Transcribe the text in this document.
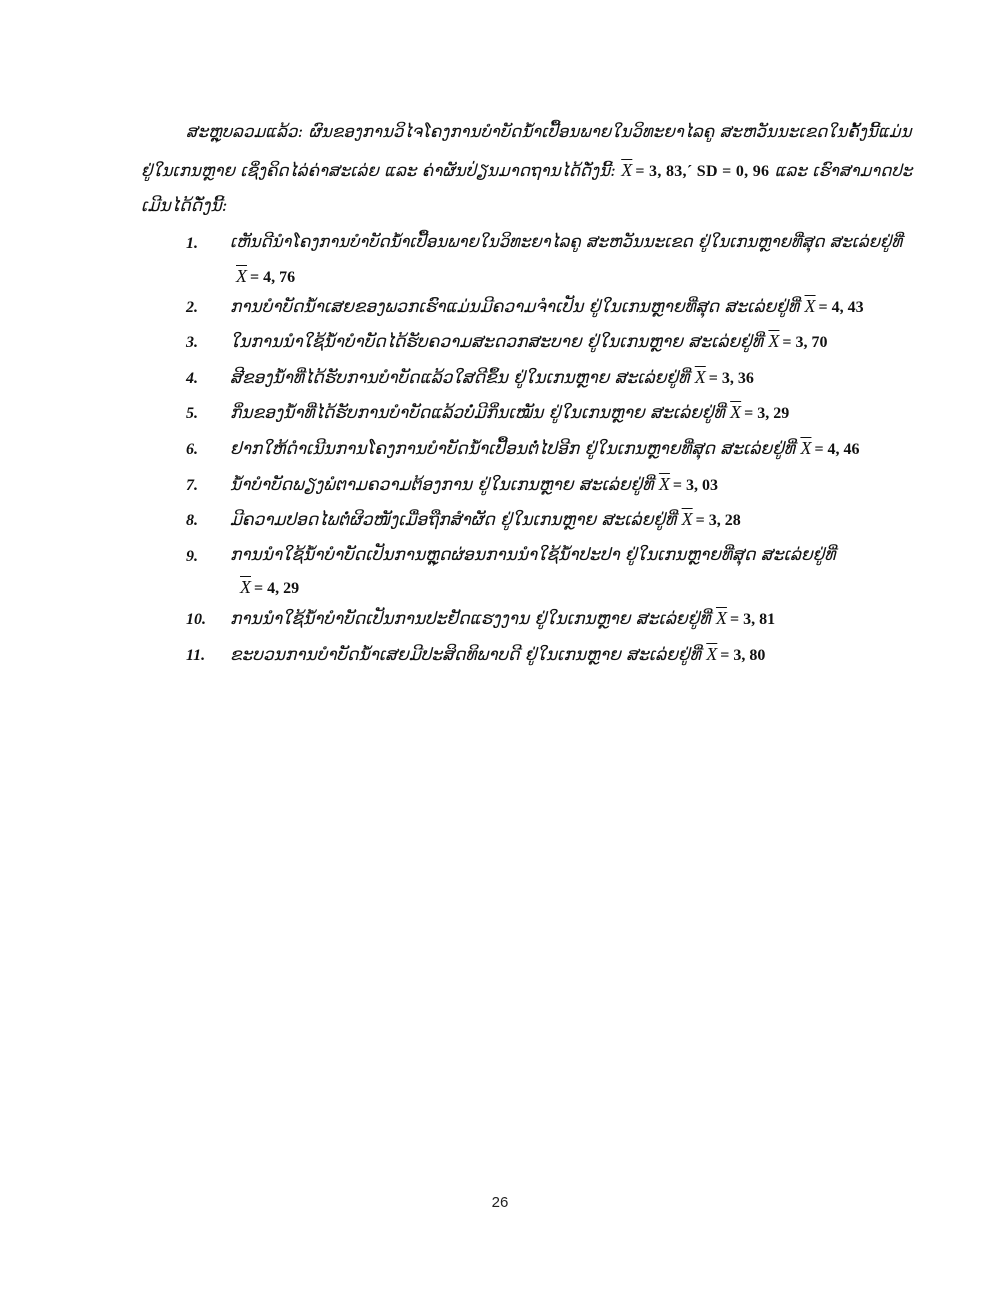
ສະຫຼຸບລວມແລ້ວ: ຜົນຂອງການວິໄຈໂຄງການບຳບັດນ້ຳເປື້ອນພາຍໃນວິທະຍາໄລຄູ ສະຫວັນນະເຂດໃນຄັ້ງນີ້ແມ່ນ
ຢູ່ໃນເກນຫຼາຍ ເຊິ່ງຄິດໄລ່ຄ່າສະເລ່ຍ ແລະ ຄ່າຜັນປ່ຽນມາດຖານໄດ້ດັ່ງນີ້: $\overline{X} = 3$, 83,´ SD = 0, 96 ແລະ ເຮົາສາມາດປະ
ເມີນໄດ້ດັ່ງນີ້:
1. ເຫັນດີນຳໂຄງການບຳບັດນ້ຳເປື້ອນພາຍໃນວິທະຍາໄລຄູ ສະຫວັນນະເຂດ ຢູ່ໃນເກນຫຼາຍທີ່ສຸດ ສະເລ່ຍຢູ່ທີ່
$\overline{X} = 4$, 76
2. ການບຳບັດນ້ຳເສຍຂອງພວກເຮົາແມ່ນມີຄວາມຈຳເປັນ ຢູ່ໃນເກນຫຼາຍທີ່ສຸດ ສະເລ່ຍຢູ່ທີ່ $\overline{X} = 4$, 43
3. ໃນການນຳໃຊ້ນ້ຳບຳບັດໄດ້ຮັບຄວາມສະດວກສະບາຍ ຢູ່ໃນເກນຫຼາຍ ສະເລ່ຍຢູ່ທີ່ $\overline{X} = 3$, 70
4. ສີຂອງນ້ຳທີ່ໄດ້ຮັບການບຳບັດແລ້ວໃສດີຂຶ້ນ ຢູ່ໃນເກນຫຼາຍ ສະເລ່ຍຢູ່ທີ່ $\overline{X} = 3$, 36
5. ກິ່ນຂອງນ້ຳທີ່ໄດ້ຮັບການບຳບັດແລ້ວບໍ່ມີກິ່ນເໝັນ ຢູ່ໃນເກນຫຼາຍ ສະເລ່ຍຢູ່ທີ່ $\overline{X} = 3$, 29
6. ຢາກໃຫ້ດຳເນີນການໂຄງການບຳບັດນ້ຳເປື້ອນຕໍ່ໄປອີກ ຢູ່ໃນເກນຫຼາຍທີ່ສຸດ ສະເລ່ຍຢູ່ທີ່ $\overline{X} = 4$, 46
7. ນ້ຳບຳບັດພຽງພໍຕາມຄວາມຕ້ອງການ ຢູ່ໃນເກນຫຼາຍ ສະເລ່ຍຢູ່ທີ່ $\overline{X} = 3$, 03
8. ມີຄວາມປອດໄພຕໍ່ຜິວໜັງເມື່ອຖືກສຳຜັດ ຢູ່ໃນເກນຫຼາຍ ສະເລ່ຍຢູ່ທີ່ $\overline{X} = 3$, 28
9. ການນຳໃຊ້ນ້ຳບຳບັດເປັນການຫຼຸດຜ່ອນການນຳໃຊ້ນ້ຳປະປາ ຢູ່ໃນເກນຫຼາຍທີ່ສຸດ ສະເລ່ຍຢູ່ທີ່
$\overline{X} = 4$, 29
10. ການນຳໃຊ້ນ້ຳບຳບັດເປັນການປະຢັດແຮງງານ ຢູ່ໃນເກນຫຼາຍ ສະເລ່ຍຢູ່ທີ່ $\overline{X} = 3$, 81
11. ຂະບວນການບຳບັດນ້ຳເສຍມີປະສິດທິພາບດີ ຢູ່ໃນເກນຫຼາຍ ສະເລ່ຍຢູ່ທີ່ $\overline{X} = 3$, 80
26
